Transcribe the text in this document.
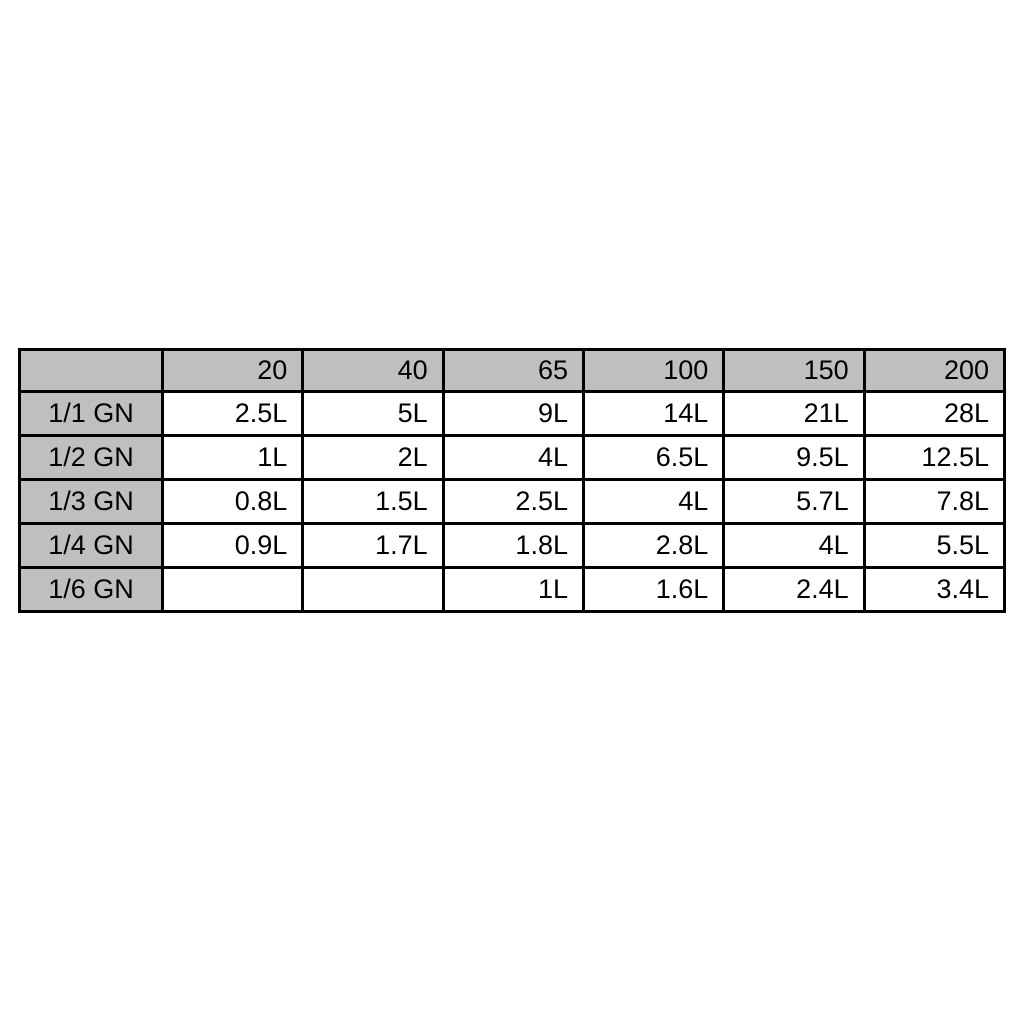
	20	40	65	100	150	200
1/1 GN	2.5L	5L	9L	14L	21L	28L
1/2 GN	1L	2L	4L	6.5L	9.5L	12.5L
1/3 GN	0.8L	1.5L	2.5L	4L	5.7L	7.8L
1/4 GN	0.9L	1.7L	1.8L	2.8L	4L	5.5L
1/6 GN			1L	1.6L	2.4L	3.4L
